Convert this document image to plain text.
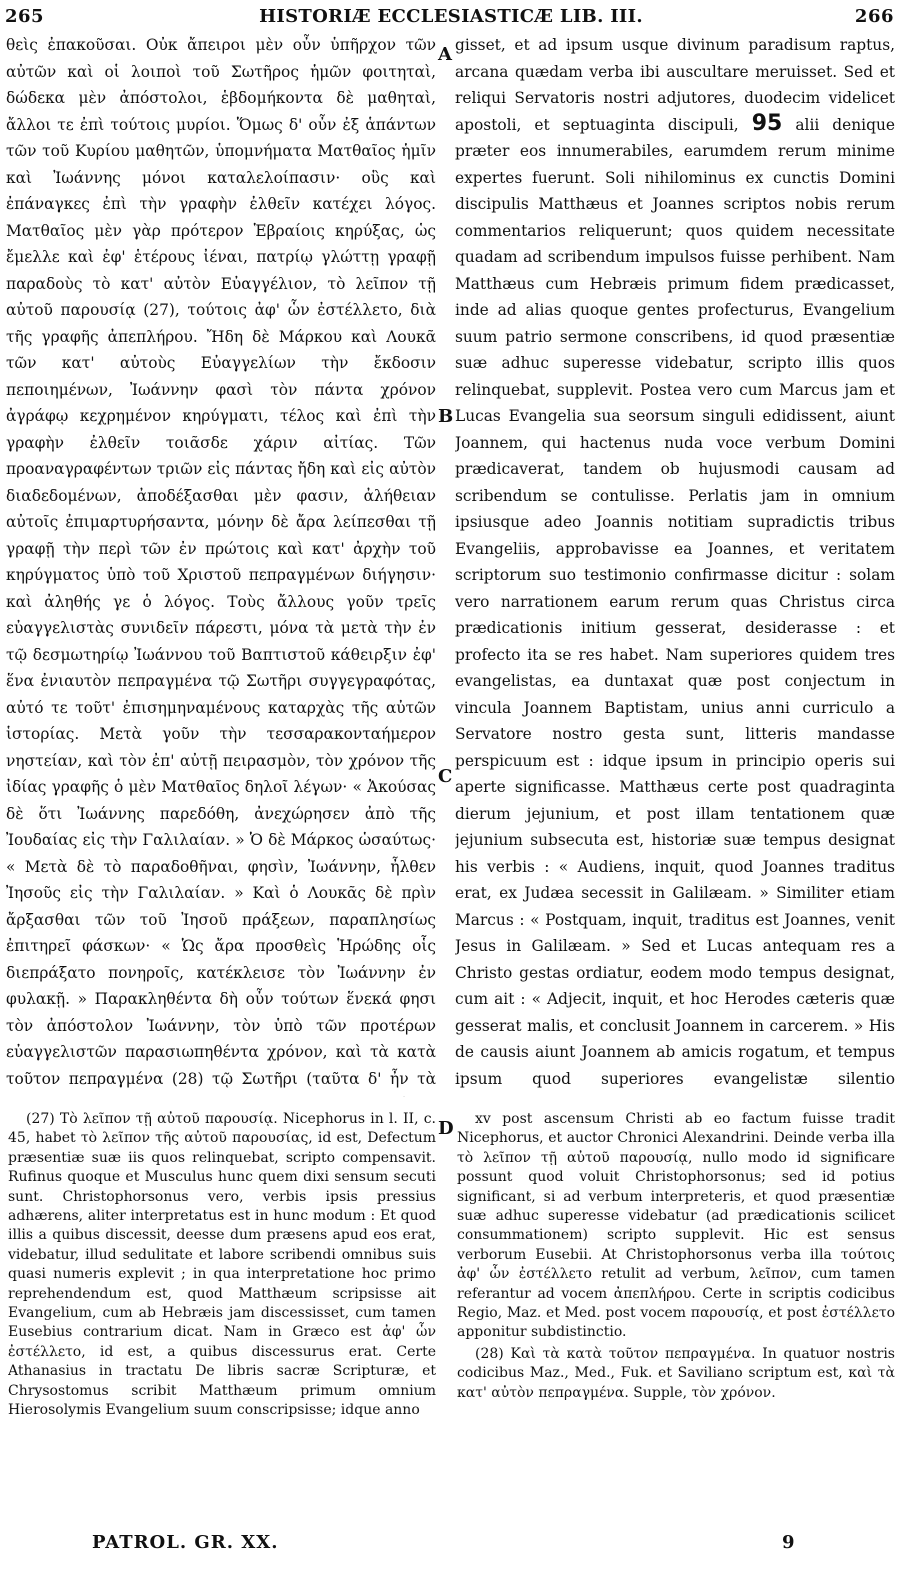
265	HISTORIÆ ECCLESIASTICÆ LIB. III.	266

θεὶς ἐπακοῦσαι. Οὐκ ἄπειροι μὲν οὖν ὑπῆρχον τῶν αὐτῶν καὶ οἱ λοιποὶ τοῦ Σωτῆρος ἡμῶν φοιτηταὶ, δώδεκα μὲν ἀπόστολοι, ἑβδομήκοντα δὲ μαθηταὶ, ἄλλοι τε ἐπὶ τούτοις μυρίοι. Ὅμως δ' οὖν ἐξ ἁπάντων τῶν τοῦ Κυρίου μαθητῶν, ὑπομνήματα Ματθαῖος ἡμῖν καὶ Ἰωάννης μόνοι καταλελοίπασιν· οὓς καὶ ἐπάναγκες ἐπὶ τὴν γραφὴν ἐλθεῖν κατέχει λόγος. Ματθαῖος μὲν γὰρ πρότερον Ἑβραίοις κηρύξας, ὡς ἔμελλε καὶ ἐφ' ἑτέρους ἰέναι, πατρίῳ γλώττῃ γραφῇ παραδοὺς τὸ κατ' αὐτὸν Εὐαγγέλιον, τὸ λεῖπον τῇ αὐτοῦ παρουσίᾳ (27), τούτοις ἀφ' ὧν ἐστέλλετο, διὰ τῆς γραφῆς ἀπεπλήρου. Ἤδη δὲ Μάρκου καὶ Λουκᾶ τῶν κατ' αὐτοὺς Εὐαγγελίων τὴν ἔκδοσιν πεποιημένων, Ἰωάννην φασὶ τὸν πάντα χρόνον ἀγράφῳ κεχρημένον κηρύγματι, τέλος καὶ ἐπὶ τὴν γραφὴν ἐλθεῖν τοιᾶσδε χάριν αἰτίας. Τῶν προαναγραφέντων τριῶν εἰς πάντας ἤδη καὶ εἰς αὐτὸν διαδεδομένων, ἀποδέξασθαι μὲν φασιν, ἀλήθειαν αὐτοῖς ἐπιμαρτυρήσαντα, μόνην δὲ ἄρα λείπεσθαι τῇ γραφῇ τὴν περὶ τῶν ἐν πρώτοις καὶ κατ' ἀρχὴν τοῦ κηρύγματος ὑπὸ τοῦ Χριστοῦ πεπραγμένων διήγησιν· καὶ ἀληθής γε ὁ λόγος. Τοὺς ἄλλους γοῦν τρεῖς εὐαγγελιστὰς συνιδεῖν πάρεστι, μόνα τὰ μετὰ τὴν ἐν τῷ δεσμωτηρίῳ Ἰωάννου τοῦ Βαπτιστοῦ κάθειρξιν ἐφ' ἕνα ἐνιαυτὸν πεπραγμένα τῷ Σωτῆρι συγγεγραφότας, αὐτό τε τοῦτ' ἐπισημηναμένους καταρχὰς τῆς αὐτῶν ἱστορίας. Μετὰ γοῦν τὴν τεσσαρακονταήμερον νηστείαν, καὶ τὸν ἐπ' αὐτῇ πειρασμὸν, τὸν χρόνον τῆς ἰδίας γραφῆς ὁ μὲν Ματθαῖος δηλοῖ λέγων· « Ἀκούσας δὲ ὅτι Ἰωάννης παρεδόθη, ἀνεχώρησεν ἀπὸ τῆς Ἰουδαίας εἰς τὴν Γαλιλαίαν. » Ὁ δὲ Μάρκος ὡσαύτως· « Μετὰ δὲ τὸ παραδοθῆναι, φησὶν, Ἰωάννην, ἦλθεν Ἰησοῦς εἰς τὴν Γαλιλαίαν. » Καὶ ὁ Λουκᾶς δὲ πρὶν ἄρξασθαι τῶν τοῦ Ἰησοῦ πράξεων, παραπλησίως ἐπιτηρεῖ φάσκων· « Ὡς ἄρα προσθεὶς Ἡρώδης οἷς διεπράξατο πονηροῖς, κατέκλεισε τὸν Ἰωάννην ἐν φυλακῇ. » Παρακληθέντα δὴ οὖν τούτων ἕνεκά φησι τὸν ἀπόστολον Ἰωάννην, τὸν ὑπὸ τῶν προτέρων εὐαγγελιστῶν παρασιωπηθέντα χρόνον, καὶ τὰ κατὰ τοῦτον πεπραγμένα (28) τῷ Σωτῆρι (ταῦτα δ' ἦν τὰ

A
B
C
D

gisset, et ad ipsum usque divinum paradisum raptus, arcana quædam verba ibi auscultare meruisset. Sed et reliqui Servatoris nostri adjutores, duodecim videlicet apostoli, et septuaginta discipuli, 95 alii denique præter eos innumerabiles, earumdem rerum minime expertes fuerunt. Soli nihilominus ex cunctis Domini discipulis Matthæus et Joannes scriptos nobis rerum commentarios reliquerunt; quos quidem necessitate quadam ad scribendum impulsos fuisse perhibent. Nam Matthæus cum Hebræis primum fidem prædicasset, inde ad alias quoque gentes profecturus, Evangelium suum patrio sermone conscribens, id quod præsentiæ suæ adhuc superesse videbatur, scripto illis quos relinquebat, supplevit. Postea vero cum Marcus jam et Lucas Evangelia sua seorsum singuli edidissent, aiunt Joannem, qui hactenus nuda voce verbum Domini prædicaverat, tandem ob hujusmodi causam ad scribendum se contulisse. Perlatis jam in omnium ipsiusque adeo Joannis notitiam supradictis tribus Evangeliis, approbavisse ea Joannes, et veritatem scriptorum suo testimonio confirmasse dicitur : solam vero narrationem earum rerum quas Christus circa prædicationis initium gesserat, desiderasse : et profecto ita se res habet. Nam superiores quidem tres evangelistas, ea duntaxat quæ post conjectum in vincula Joannem Baptistam, unius anni curriculo a Servatore nostro gesta sunt, litteris mandasse perspicuum est : idque ipsum in principio operis sui aperte significasse. Matthæus certe post quadraginta dierum jejunium, et post illam tentationem quæ jejunium subsecuta est, historiæ suæ tempus designat his verbis : « Audiens, inquit, quod Joannes traditus erat, ex Judæa secessit in Galilæam. » Similiter etiam Marcus : « Postquam, inquit, traditus est Joannes, venit Jesus in Galilæam. » Sed et Lucas antequam res a Christo gestas ordiatur, eodem modo tempus designat, cum ait : « Adjecit, inquit, et hoc Herodes cæteris quæ gesserat malis, et conclusit Joannem in carcerem. » His de causis aiunt Joannem ab amicis rogatum, et tempus ipsum quod superiores evangelistæ silentio

(27) Τὸ λεῖπον τῇ αὐτοῦ παρουσίᾳ. Nicephorus in l. II, c. 45, habet τὸ λεῖπον τῆς αὐτοῦ παρουσίας, id est, Defectum præsentiæ suæ iis quos relinquebat, scripto compensavit. Rufinus quoque et Musculus hunc quem dixi sensum secuti sunt. Christophorsonus vero, verbis ipsis pressius adhærens, aliter interpretatus est in hunc modum : Et quod illis a quibus discessit, deesse dum præsens apud eos erat, videbatur, illud sedulitate et labore scribendi omnibus suis quasi numeris explevit ; in qua interpretatione hoc primo reprehendendum est, quod Matthæum scripsisse ait Evangelium, cum ab Hebræis jam discessisset, cum tamen Eusebius contrarium dicat. Nam in Græco est ἀφ' ὧν ἐστέλλετο, id est, a quibus discessurus erat. Certe Athanasius in tractatu De libris sacræ Scripturæ, et Chrysostomus scribit Matthæum primum omnium Hierosolymis Evangelium suum conscripsisse; idque anno

xv post ascensum Christi ab eo factum fuisse tradit Nicephorus, et auctor Chronici Alexandrini. Deinde verba illa τὸ λεῖπον τῇ αὐτοῦ παρουσίᾳ, nullo modo id significare possunt quod voluit Christophorsonus; sed id potius significant, si ad verbum interpreteris, et quod præsentiæ suæ adhuc superesse videbatur (ad prædicationis scilicet consummationem) scripto supplevit. Hic est sensus verborum Eusebii. At Christophorsonus verba illa τούτοις ἀφ' ὧν ἐστέλλετο retulit ad verbum, λεῖπον, cum tamen referantur ad vocem ἀπεπλήρου. Certe in scriptis codicibus Regio, Maz. et Med. post vocem παρουσίᾳ, et post ἐστέλλετο apponitur subdistinctio.

(28) Καὶ τὰ κατὰ τοῦτον πεπραγμένα. In quatuor nostris codicibus Maz., Med., Fuk. et Saviliano scriptum est, καὶ τὰ κατ' αὐτὸν πεπραγμένα. Supple, τὸν χρόνον.

PATROL. GR. XX.	9
